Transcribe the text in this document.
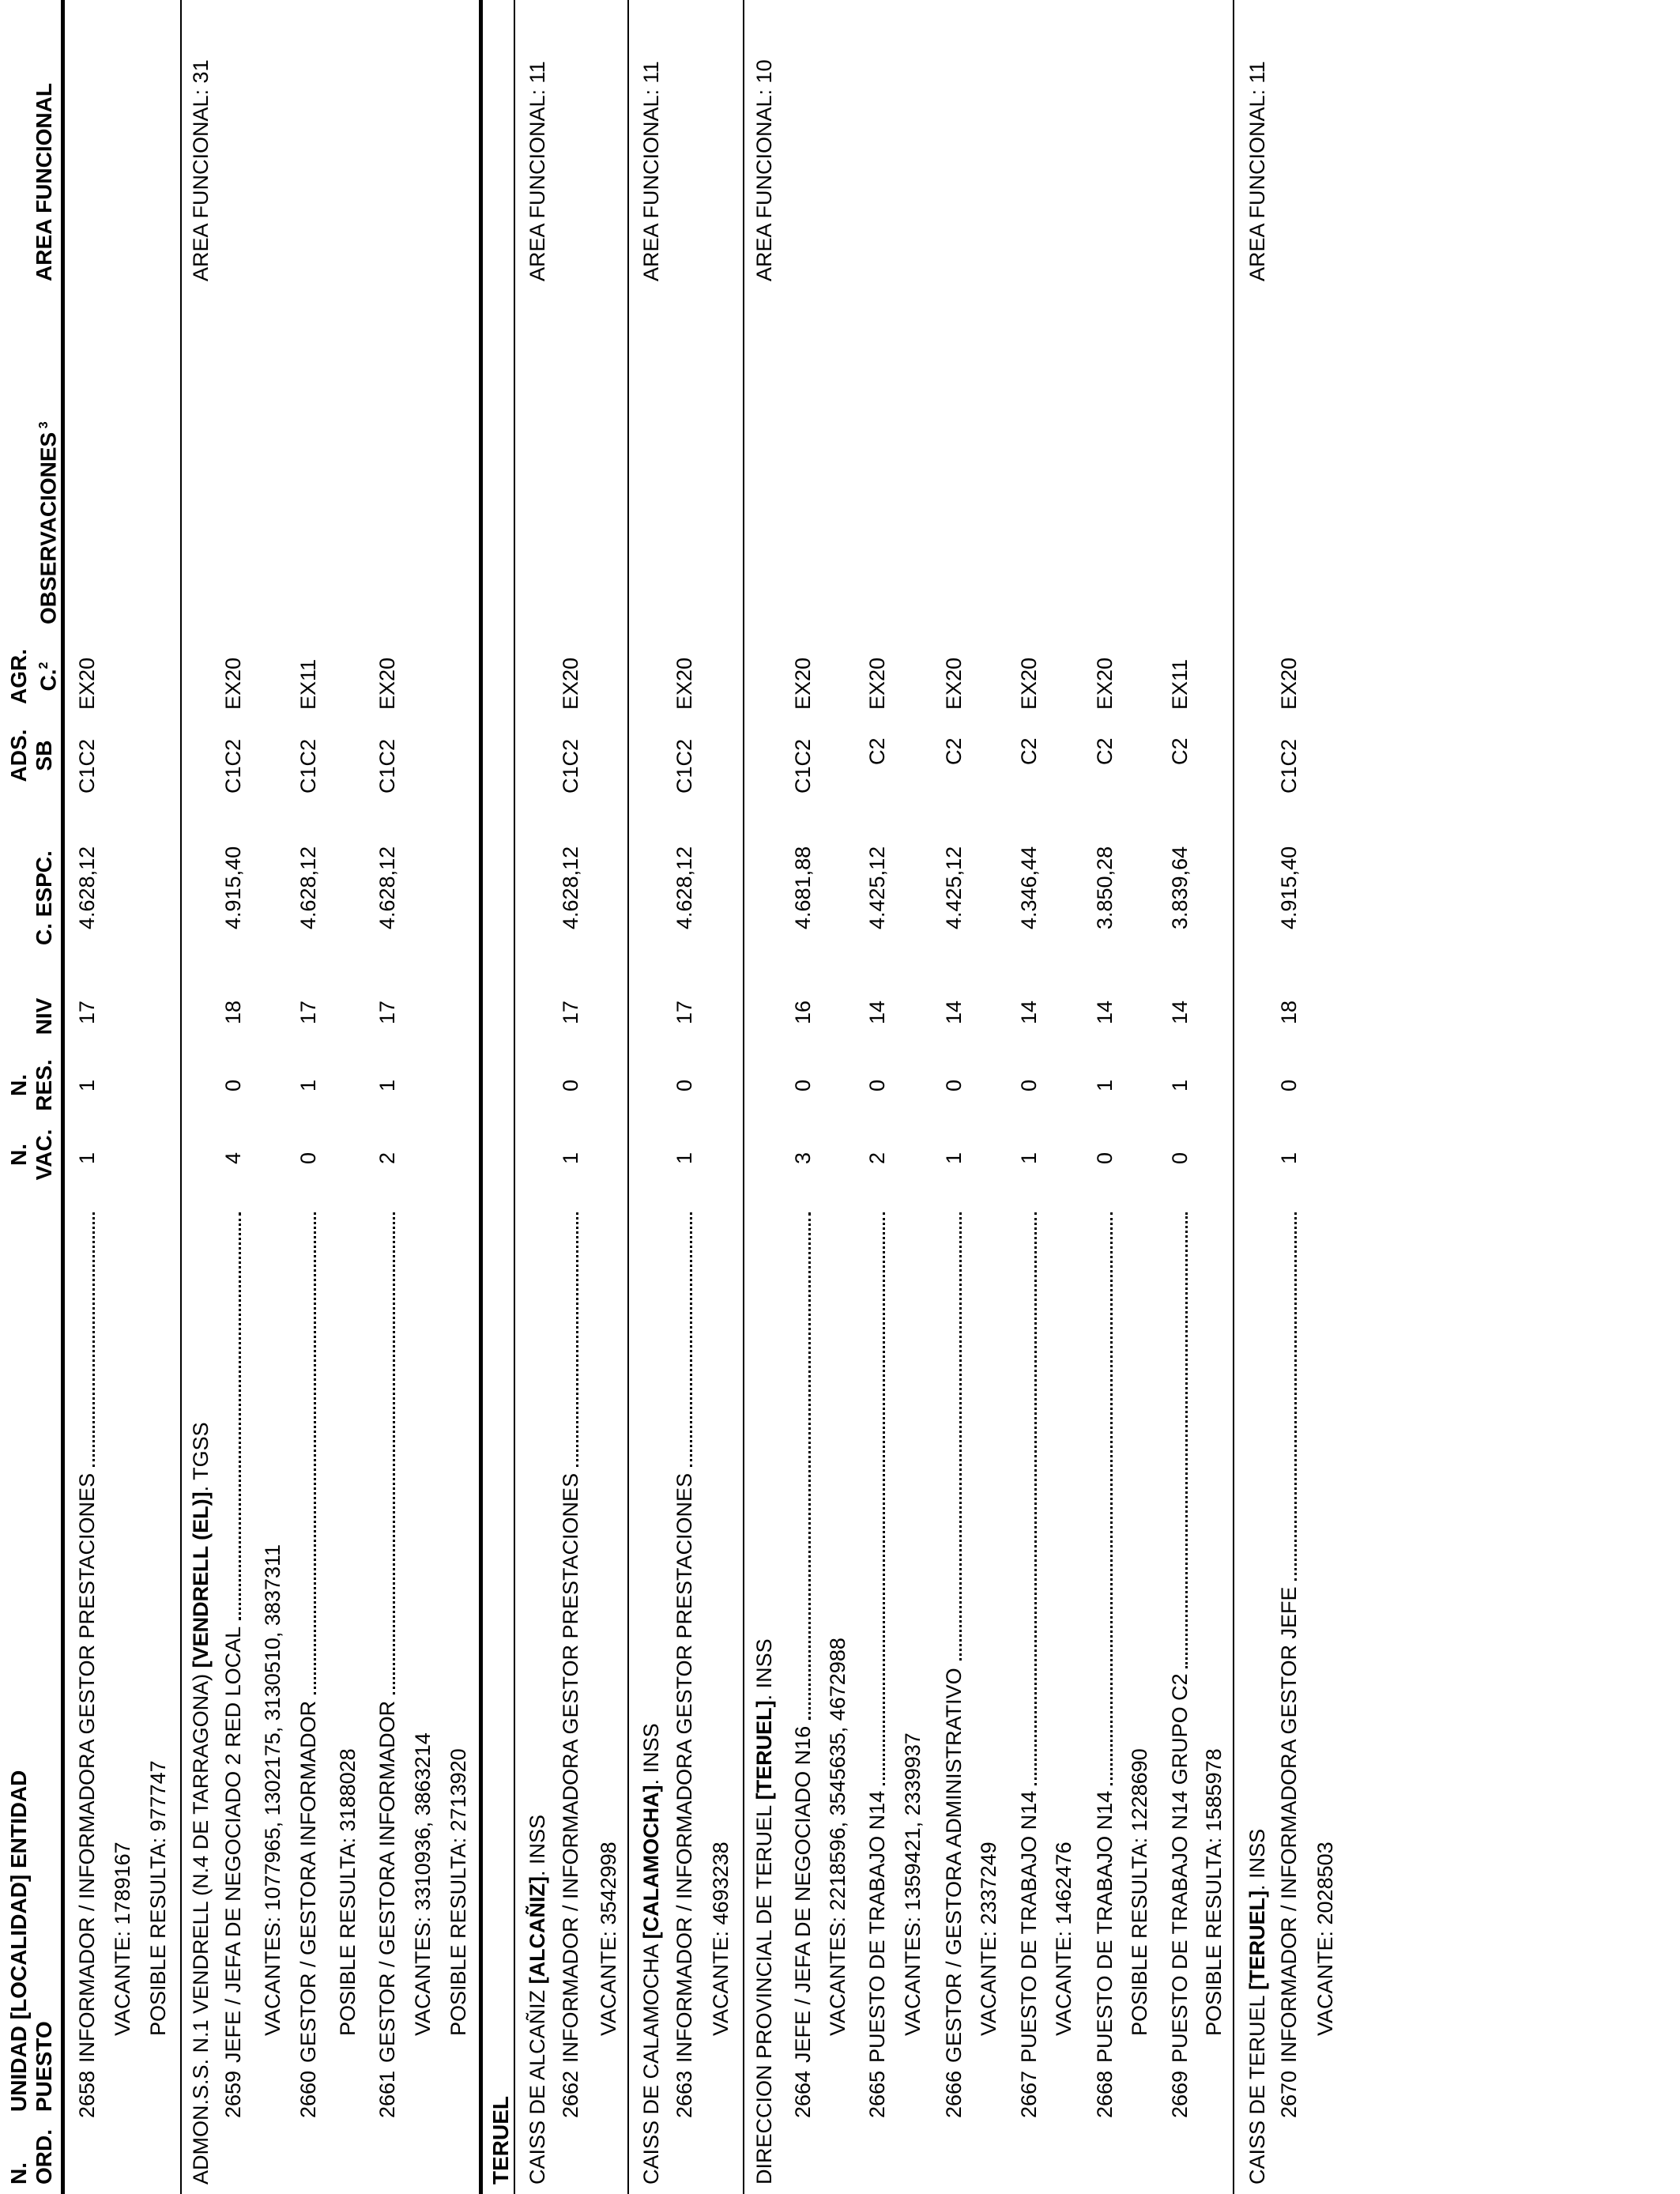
N. ORD.
UNIDAD [LOCALIDAD] ENTIDAD PUESTO
N. VAC.
N. RES.
NIV
C. ESPC.
ADS. SB
AGR. C.$^2$
OBSERVACIONES $^3$
AREA FUNCIONAL
2658
INFORMADOR / INFORMADORA GESTOR PRESTACIONES
1
1
17
4.628,12
C1C2
EX20
VACANTE: 1789167 POSIBLE RESULTA: 977747 ADMON.S.S. N.1 VENDRELL (N.4 DE TARRAGONA) [VENDRELL (EL)]. TGSS
AREA FUNCIONAL: 31
2659
JEFE / JEFA DE NEGOCIADO 2 RED LOCAL
4
0
18
4.915,40
C1C2
EX20
VACANTES: 1077965, 1302175, 3130510, 3837311
2660
GESTOR / GESTORA INFORMADOR
0
1
17
4.628,12
C1C2
EX11
POSIBLE RESULTA: 3188028
2661
GESTOR / GESTORA INFORMADOR
2
1
17
4.628,12
C1C2
EX20
VACANTES: 3310936, 3863214 POSIBLE RESULTA: 2713920
TERUEL CAISS DE ALCAÑIZ [ALCAÑIZ]. INSS
AREA FUNCIONAL: 11
2662
INFORMADOR / INFORMADORA GESTOR PRESTACIONES
1
0
17
4.628,12
C1C2
EX20
VACANTE: 3542998
CAISS DE CALAMOCHA [CALAMOCHA]. INSS
AREA FUNCIONAL: 11
2663
INFORMADOR / INFORMADORA GESTOR PRESTACIONES
1
0
17
4.628,12
C1C2
EX20
VACANTE: 4693238 DIRECCION PROVINCIAL DE TERUEL [TERUEL]. INSS
AREA FUNCIONAL: 10
2664
JEFE / JEFA DE NEGOCIADO N16
3
0
16
4.681,88
C1C2
EX20
VACANTES: 2218596, 3545635, 4672988
2665
PUESTO DE TRABAJO N14
2
0
14
4.425,12
C2
EX20
VACANTES: 1359421, 2339937
2666
GESTOR / GESTORA ADMINISTRATIVO
1
0
14
4.425,12
C2
EX20
VACANTE: 2337249
2667
PUESTO DE TRABAJO N14
1
0
14
4.346,44
C2
EX20
VACANTE: 1462476
2668
PUESTO DE TRABAJO N14
0
1
14
3.850,28
C2
EX20
POSIBLE RESULTA: 1228690
2669
PUESTO DE TRABAJO N14 GRUPO C2
0
1
14
3.839,64
C2
EX11
POSIBLE RESULTA: 1585978
CAISS DE TERUEL [TERUEL]. INSS
AREA FUNCIONAL: 11
2670
INFORMADOR / INFORMADORA GESTOR JEFE
1
0
18
4.915,40
C1C2
EX20
VACANTE: 2028503
